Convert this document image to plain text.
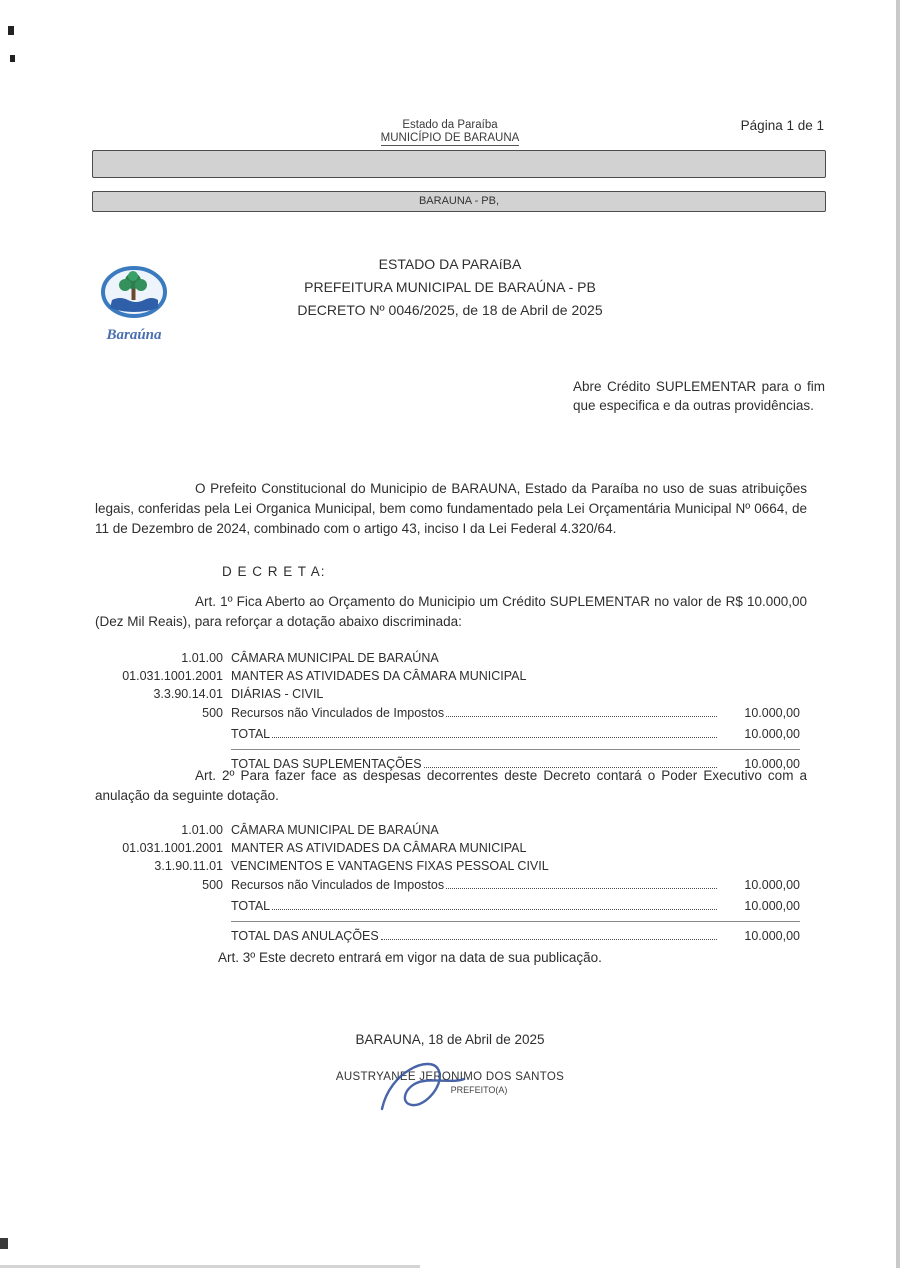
Estado da Paraíba
MUNICÍPIO DE BARAUNA
Página 1 de 1
BARAUNA - PB,
Baraúna
ESTADO DA PARAíBA
PREFEITURA MUNICIPAL DE BARAÚNA - PB
DECRETO Nº 0046/2025, de 18 de Abril de 2025
Abre Crédito SUPLEMENTAR para o fim que especifica e da outras providências.
O Prefeito Constitucional do Municipio de BARAUNA, Estado da Paraíba no uso de suas atribuições legais, conferidas pela Lei Organica Municipal, bem como fundamentado pela Lei Orçamentária Municipal Nº 0664, de 11 de Dezembro de 2024, combinado com o artigo 43, inciso I da Lei Federal 4.320/64.
D E C R E T A:
Art. 1º Fica Aberto ao Orçamento do Municipio um Crédito SUPLEMENTAR no valor de R$ 10.000,00 (Dez Mil Reais), para reforçar a dotação abaixo discriminada:
1.01.00 CÂMARA MUNICIPAL DE BARAÚNA
01.031.1001.2001 MANTER AS ATIVIDADES DA CÂMARA MUNICIPAL
3.3.90.14.01 DIÁRIAS - CIVIL
500 Recursos não Vinculados de Impostos	10.000,00
TOTAL	10.000,00
TOTAL DAS SUPLEMENTAÇÕES	10.000,00
Art. 2º Para fazer face as despesas decorrentes deste Decreto contará o Poder Executivo com a anulação da seguinte dotação.
1.01.00 CÂMARA MUNICIPAL DE BARAÚNA
01.031.1001.2001 MANTER AS ATIVIDADES DA CÂMARA MUNICIPAL
3.1.90.11.01 VENCIMENTOS E VANTAGENS FIXAS PESSOAL CIVIL
500 Recursos não Vinculados de Impostos	10.000,00
TOTAL	10.000,00
TOTAL DAS ANULAÇÕES	10.000,00
Art. 3º Este decreto entrará em vigor na data de sua publicação.
BARAUNA, 18 de Abril de 2025
AUSTRYANEE JERONIMO DOS SANTOS
PREFEITO(A)
